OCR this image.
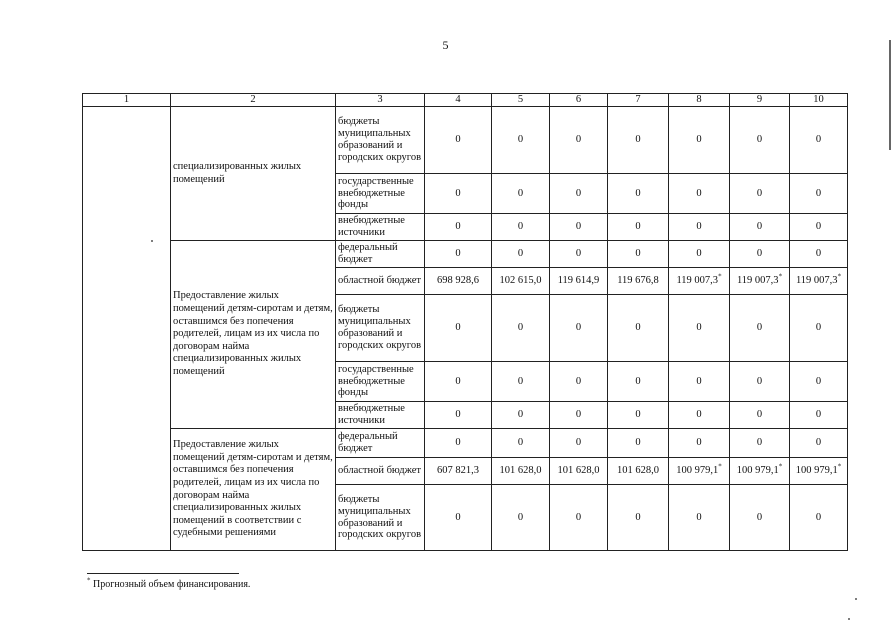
5
1	2	3	4	5	6	7	8	9	10
	специализированных жилых помещений	бюджеты муниципальных образований и городских округов	0	0	0	0	0	0	0
		государственные внебюджетные фонды	0	0	0	0	0	0	0
		внебюджетные источники	0	0	0	0	0	0	0
	Предоставление жилых помещений детям-сиротам и детям, оставшимся без попечения родителей, лицам из их числа по договорам найма специализированных жилых помещений	федеральный бюджет	0	0	0	0	0	0	0
		областной бюджет	698 928,6	102 615,0	119 614,9	119 676,8	119 007,3*	119 007,3*	119 007,3*
		бюджеты муниципальных образований и городских округов	0	0	0	0	0	0	0
		государственные внебюджетные фонды	0	0	0	0	0	0	0
		внебюджетные источники	0	0	0	0	0	0	0
	Предоставление жилых помещений детям-сиротам и детям, оставшимся без попечения родителей, лицам из их числа по договорам найма специализированных жилых помещений в соответствии с судебными решениями	федеральный бюджет	0	0	0	0	0	0	0
		областной бюджет	607 821,3	101 628,0	101 628,0	101 628,0	100 979,1*	100 979,1*	100 979,1*
		бюджеты муниципальных образований и городских округов	0	0	0	0	0	0	0
* Прогнозный объем финансирования.
